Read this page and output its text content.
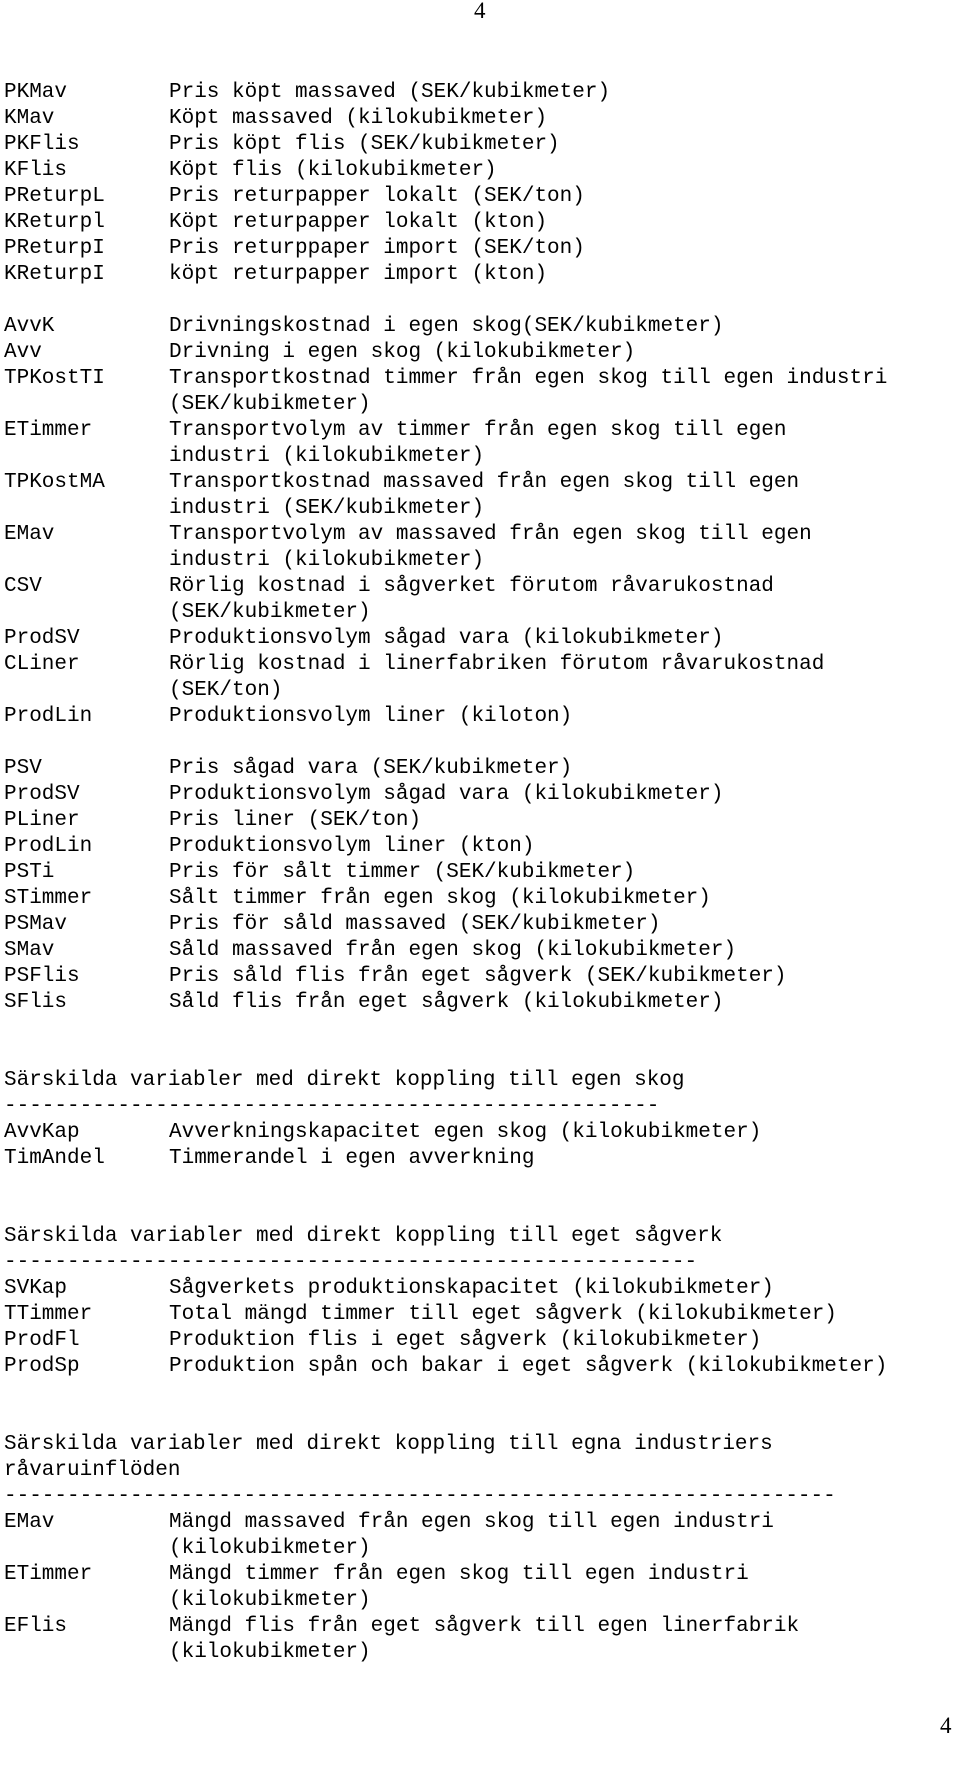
4
PKMav	Pris köpt massaved (SEK/kubikmeter)
KMav	Köpt massaved (kilokubikmeter)
PKFlis	Pris köpt flis (SEK/kubikmeter)
KFlis	Köpt flis (kilokubikmeter)
PReturpL	Pris returpapper lokalt (SEK/ton)
KReturpl	Köpt returpapper lokalt (kton)
PReturpI	Pris returppaper import (SEK/ton)
KReturpI	köpt returpapper import (kton)
AvvK	Drivningskostnad i egen skog(SEK/kubikmeter)
Avv	Drivning i egen skog (kilokubikmeter)
TPKostTI	Transportkostnad timmer från egen skog till egen industri
(SEK/kubikmeter)
ETimmer	Transportvolym av timmer från egen skog till egen
industri (kilokubikmeter)
TPKostMA	Transportkostnad massaved från egen skog till egen
industri (SEK/kubikmeter)
EMav	Transportvolym av massaved från egen skog till egen
industri (kilokubikmeter)
CSV	Rörlig kostnad i sågverket förutom råvarukostnad
(SEK/kubikmeter)
ProdSV	Produktionsvolym sågad vara (kilokubikmeter)
CLiner	Rörlig kostnad i linerfabriken förutom råvarukostnad
(SEK/ton)
ProdLin	Produktionsvolym liner (kiloton)
PSV	Pris sågad vara (SEK/kubikmeter)
ProdSV	Produktionsvolym sågad vara (kilokubikmeter)
PLiner	Pris liner (SEK/ton)
ProdLin	Produktionsvolym liner (kton)
PSTi	Pris för sålt timmer (SEK/kubikmeter)
STimmer	Sålt timmer från egen skog (kilokubikmeter)
PSMav	Pris för såld massaved (SEK/kubikmeter)
SMav	Såld massaved från egen skog (kilokubikmeter)
PSFlis	Pris såld flis från eget sågverk (SEK/kubikmeter)
SFlis	Såld flis från eget sågverk (kilokubikmeter)
Särskilda variabler med direkt koppling till egen skog
----------------------------------------------------
AvvKap	Avverkningskapacitet egen skog (kilokubikmeter)
TimAndel	Timmerandel i egen avverkning
Särskilda variabler med direkt koppling till eget sågverk
-------------------------------------------------------
SVKap	Sågverkets produktionskapacitet (kilokubikmeter)
TTimmer	Total mängd timmer till eget sågverk (kilokubikmeter)
ProdFl	Produktion flis i eget sågverk (kilokubikmeter)
ProdSp	Produktion spån och bakar i eget sågverk (kilokubikmeter)
Särskilda variabler med direkt koppling till egna industriers
råvaruinflöden
------------------------------------------------------------------
EMav	Mängd massaved från egen skog till egen industri
(kilokubikmeter)
ETimmer	Mängd timmer från egen skog till egen industri
(kilokubikmeter)
EFlis	Mängd flis från eget sågverk till egen linerfabrik
(kilokubikmeter)
4
